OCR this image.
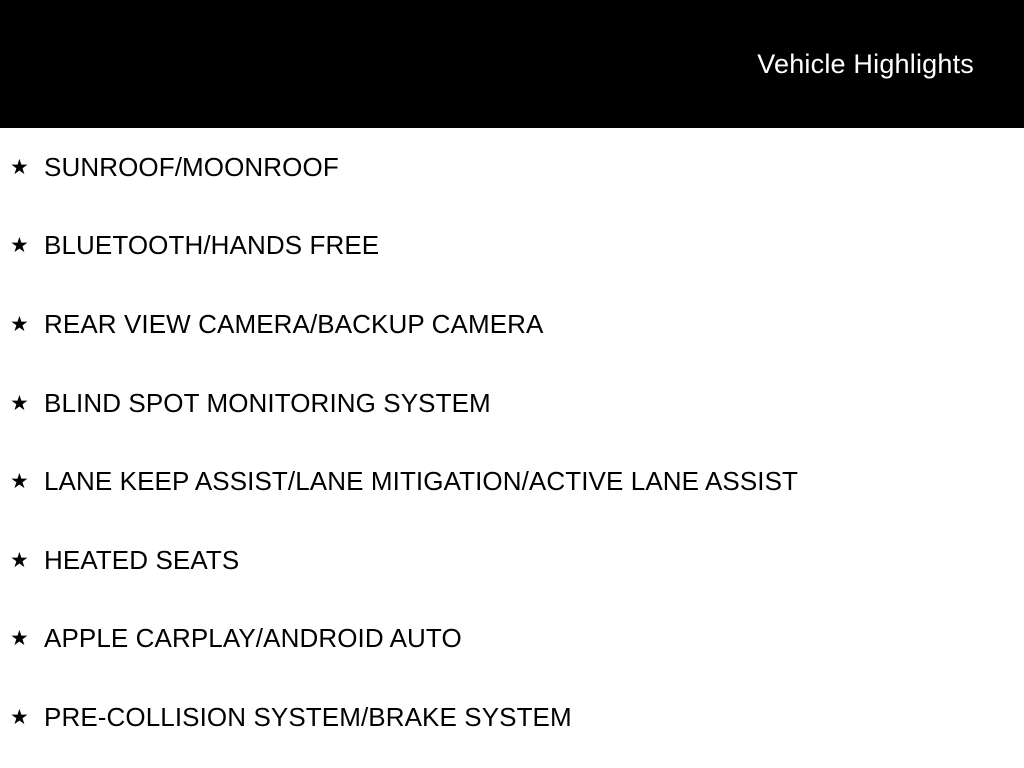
Vehicle Highlights
★ SUNROOF/MOONROOF
★ BLUETOOTH/HANDS FREE
★ REAR VIEW CAMERA/BACKUP CAMERA
★ BLIND SPOT MONITORING SYSTEM
★ LANE KEEP ASSIST/LANE MITIGATION/ACTIVE LANE ASSIST
★ HEATED SEATS
★ APPLE CARPLAY/ANDROID AUTO
★ PRE-COLLISION SYSTEM/BRAKE SYSTEM
